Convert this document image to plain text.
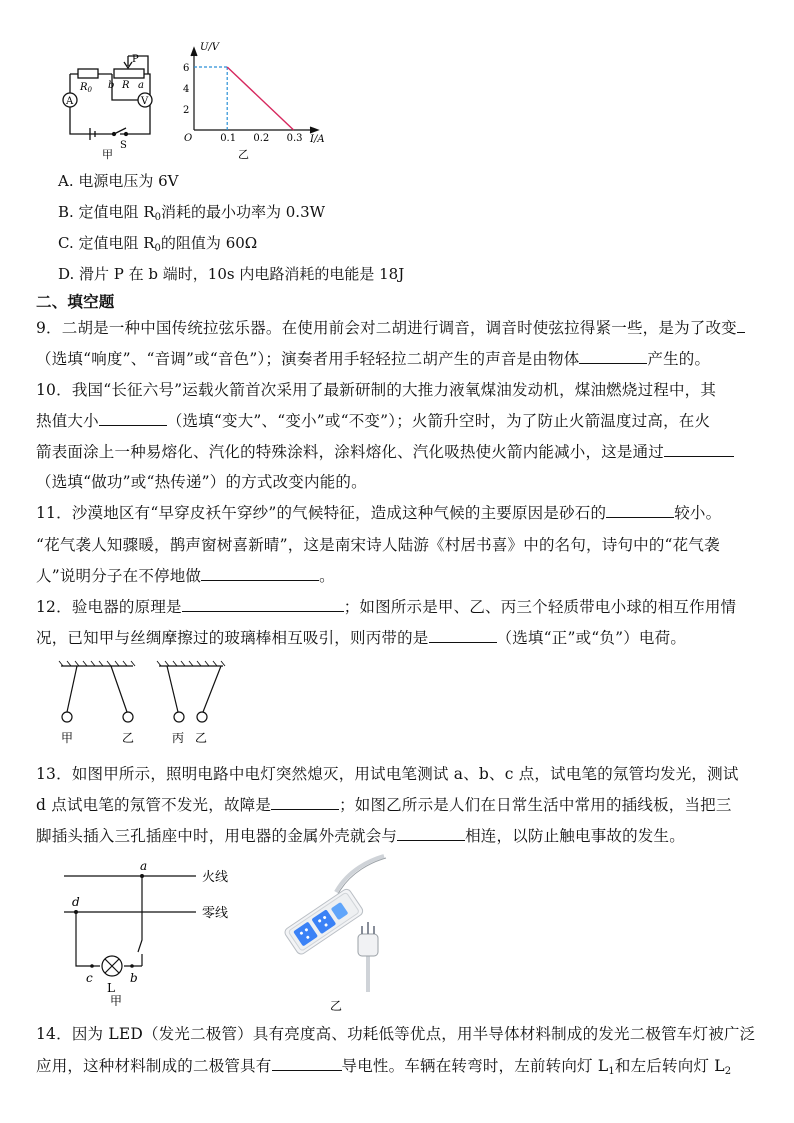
A	V
$R_0$ b R a
P
S
甲
0.1 0.2 0.3
2
4
6
U/V
I/A
O
乙
A. 电源电压为 6V
B. 定值电阻 $R_0$消耗的最小功率为 0.3W
C. 定值电阻 $R_0$的阻值为 60Ω
D. 滑片 P 在 b 端时，10s 内电路消耗的电能是 18J
二、填空题
9．二胡是一种中国传统拉弦乐器。在使用前会对二胡进行调音，调音时使弦拉得紧一些，是为了改变
（选填“响度”、“音调”或“音色”）；演奏者用手轻轻拉二胡产生的声音是由物体	产生的。
10．我国“长征六号”运载火箭首次采用了最新研制的大推力液氧煤油发动机，煤油燃烧过程中，其
热值大小	（选填“变大”、“变小”或“不变”）；火箭升空时，为了防止火箭温度过高，在火
箭表面涂上一种易熔化、汽化的特殊涂料，涂料熔化、汽化吸热使火箭内能减小，这是通过
（选填“做功”或“热传递”）的方式改变内能的。
11．沙漠地区有“早穿皮袄午穿纱”的气候特征，造成这种气候的主要原因是砂石的	较小。
“花气袭人知骤暖，鹊声窗树喜新晴”，这是南宋诗人陆游《村居书喜》中的名句，诗句中的“花气袭
人”说明分子在不停地做	。
12．验电器的原理是	；如图所示是甲、乙、丙三个轻质带电小球的相互作用情
况，已知甲与丝绸摩擦过的玻璃棒相互吸引，则丙带的是	（选填“正”或“负”）电荷。
甲	乙	丙 乙
13．如图甲所示，照明电路中电灯突然熄灭，用试电笔测试 a、b、c 点，试电笔的氖管均发光，测试
d 点试电笔的氖管不发光，故障是	；如图乙所示是人们在日常生活中常用的插线板，当把三
脚插头插入三孔插座中时，用电器的金属外壳就会与	相连，以防止触电事故的发生。
火线
零线
a
d
c	b
L
甲	乙
14．因为 LED（发光二极管）具有亮度高、功耗低等优点，用半导体材料制成的发光二极管车灯被广泛
应用，这种材料制成的二极管具有	导电性。车辆在转弯时，左前转向灯 $L_1$和左后转向灯 $L_2$
